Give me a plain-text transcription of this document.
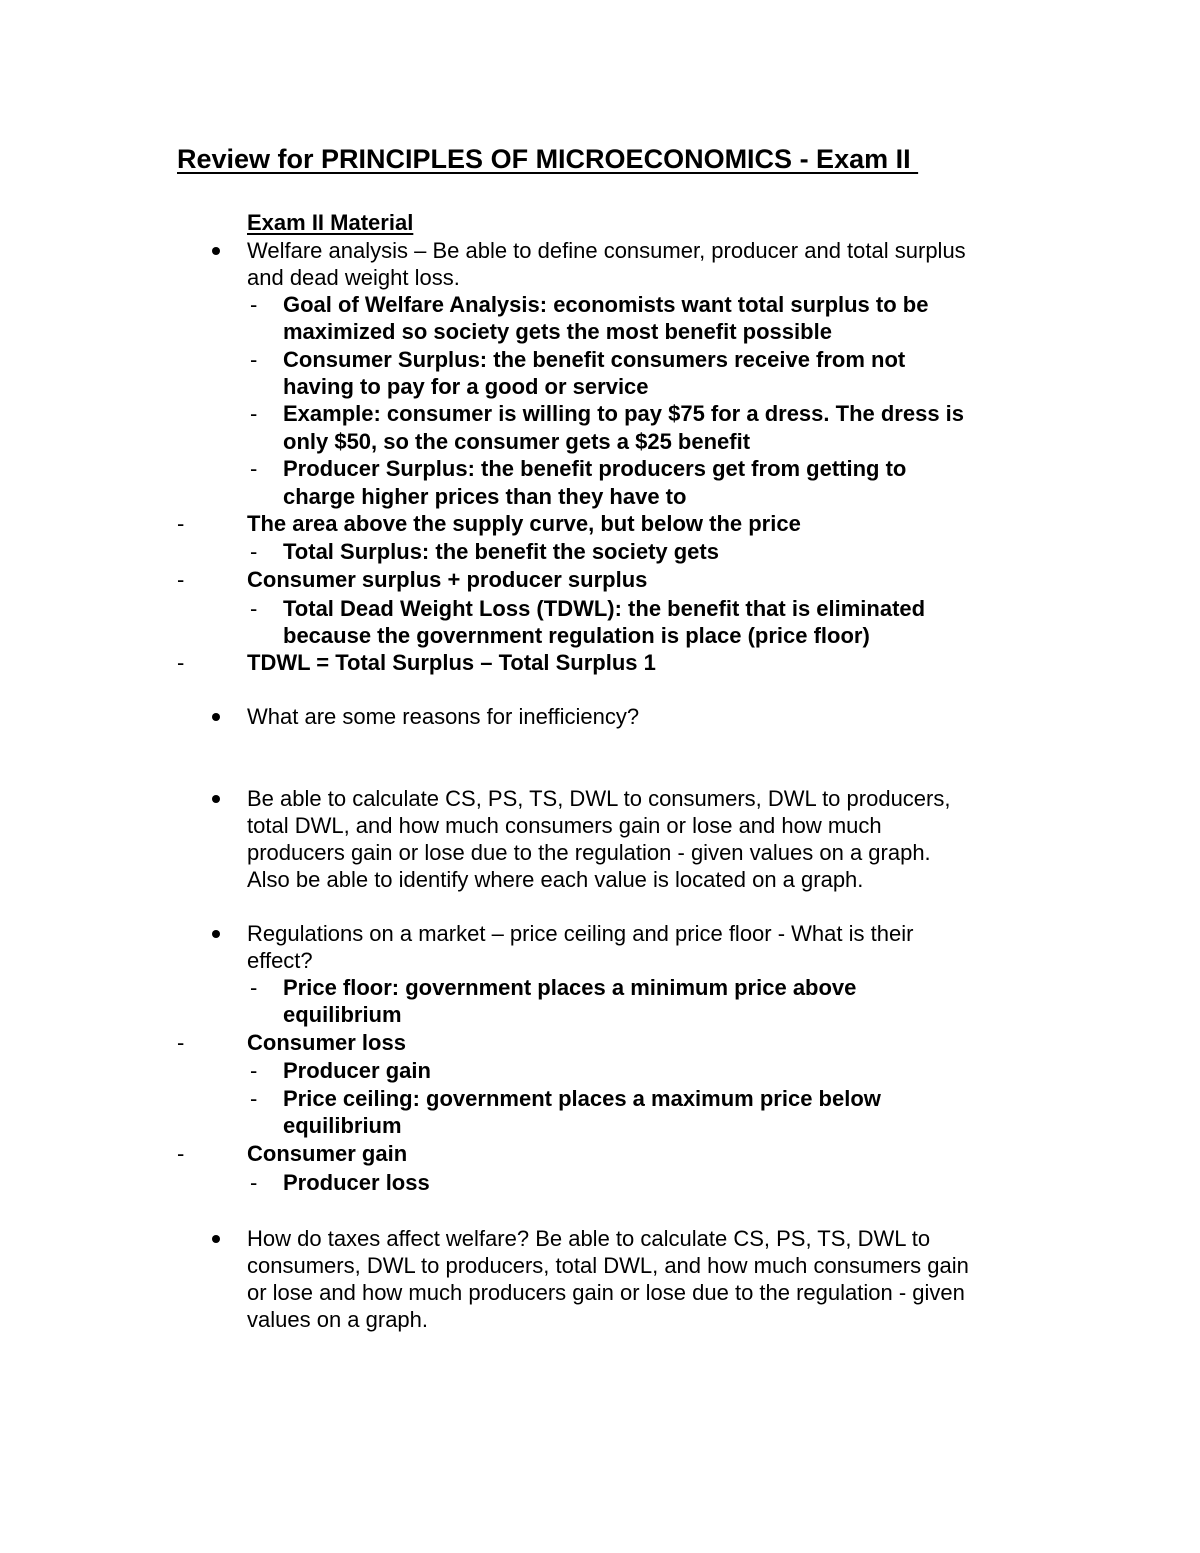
Review for PRINCIPLES OF MICROECONOMICS - Exam II
Exam II Material
Welfare analysis – Be able to define consumer, producer and total surplus
and dead weight loss.
- Goal of Welfare Analysis: economists want total surplus to be
maximized so society gets the most benefit possible
- Consumer Surplus: the benefit consumers receive from not
having to pay for a good or service
- Example: consumer is willing to pay $75 for a dress. The dress is
only $50, so the consumer gets a $25 benefit
- Producer Surplus: the benefit producers get from getting to
charge higher prices than they have to
-	The area above the supply curve, but below the price
- Total Surplus: the benefit the society gets
-	Consumer surplus + producer surplus
- Total Dead Weight Loss (TDWL): the benefit that is eliminated
because the government regulation is place (price floor)
-	TDWL = Total Surplus – Total Surplus 1
What are some reasons for inefficiency?
Be able to calculate CS, PS, TS, DWL to consumers, DWL to producers,
total DWL, and how much consumers gain or lose and how much
producers gain or lose due to the regulation - given values on a graph.
Also be able to identify where each value is located on a graph.
Regulations on a market – price ceiling and price floor - What is their
effect?
- Price floor: government places a minimum price above
equilibrium
-	Consumer loss
- Producer gain
- Price ceiling: government places a maximum price below
equilibrium
-	Consumer gain
- Producer loss
How do taxes affect welfare? Be able to calculate CS, PS, TS, DWL to
consumers, DWL to producers, total DWL, and how much consumers gain
or lose and how much producers gain or lose due to the regulation - given
values on a graph.
